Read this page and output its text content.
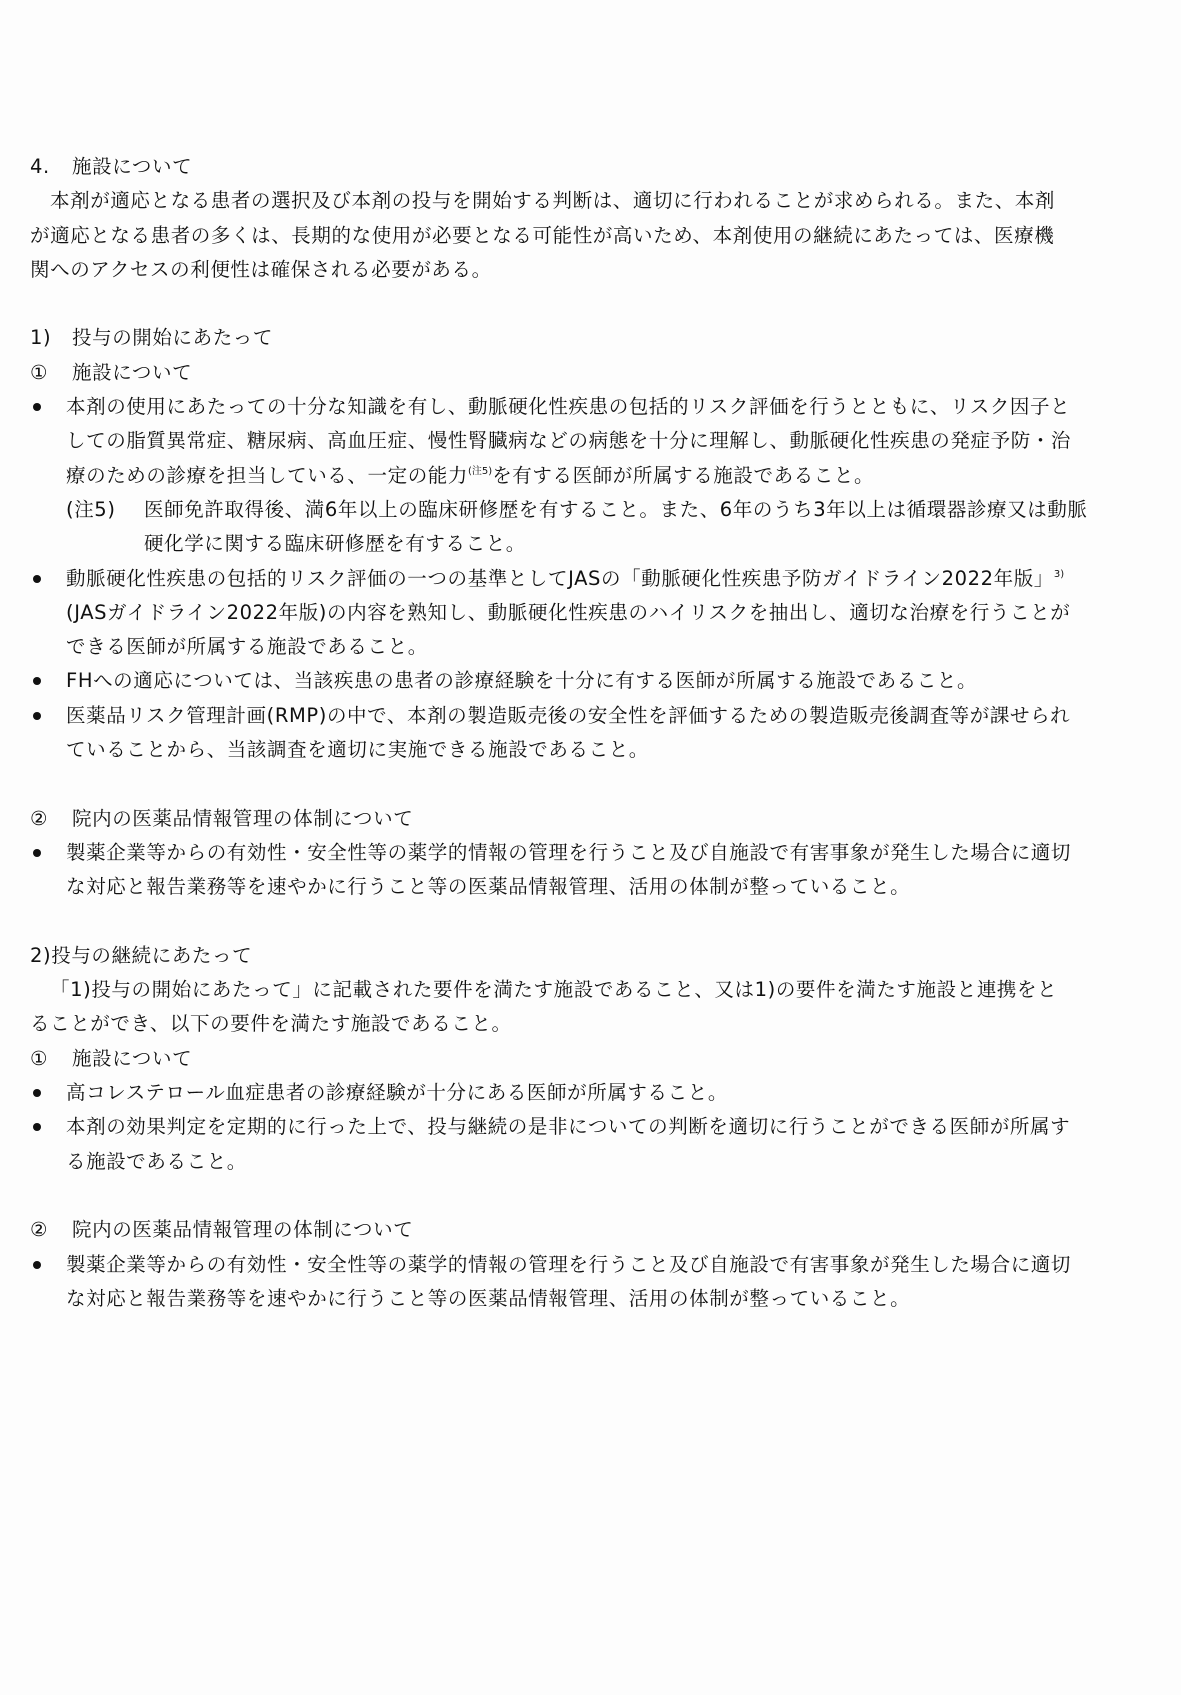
4. 施設について
本剤が適応となる患者の選択及び本剤の投与を開始する判断は、適切に行われることが求められる。また、本剤
が適応となる患者の多くは、長期的な使用が必要となる可能性が高いため、本剤使用の継続にあたっては、医療機
関へのアクセスの利便性は確保される必要がある。
1) 投与の開始にあたって
① 施設について
本剤の使用にあたっての十分な知識を有し、動脈硬化性疾患の包括的リスク評価を行うとともに、リスク因子と
しての脂質異常症、糖尿病、高血圧症、慢性腎臓病などの病態を十分に理解し、動脈硬化性疾患の発症予防・治
療のための診療を担当している、一定の能力$^{(注5)}$を有する医師が所属する施設であること。
(注5) 医師免許取得後、満6年以上の臨床研修歴を有すること。また、6年のうち3年以上は循環器診療又は動脈
硬化学に関する臨床研修歴を有すること。
動脈硬化性疾患の包括的リスク評価の一つの基準としてJASの「動脈硬化性疾患予防ガイドライン2022年版」$^{3)}$
(JASガイドライン2022年版)の内容を熟知し、動脈硬化性疾患のハイリスクを抽出し、適切な治療を行うことが
できる医師が所属する施設であること。
FHへの適応については、当該疾患の患者の診療経験を十分に有する医師が所属する施設であること。
医薬品リスク管理計画(RMP)の中で、本剤の製造販売後の安全性を評価するための製造販売後調査等が課せられ
ていることから、当該調査を適切に実施できる施設であること。
② 院内の医薬品情報管理の体制について
製薬企業等からの有効性・安全性等の薬学的情報の管理を行うこと及び自施設で有害事象が発生した場合に適切
な対応と報告業務等を速やかに行うこと等の医薬品情報管理、活用の体制が整っていること。
2)投与の継続にあたって
「1)投与の開始にあたって」に記載された要件を満たす施設であること、又は1)の要件を満たす施設と連携をと
ることができ、以下の要件を満たす施設であること。
① 施設について
高コレステロール血症患者の診療経験が十分にある医師が所属すること。
本剤の効果判定を定期的に行った上で、投与継続の是非についての判断を適切に行うことができる医師が所属す
る施設であること。
② 院内の医薬品情報管理の体制について
製薬企業等からの有効性・安全性等の薬学的情報の管理を行うこと及び自施設で有害事象が発生した場合に適切
な対応と報告業務等を速やかに行うこと等の医薬品情報管理、活用の体制が整っていること。
